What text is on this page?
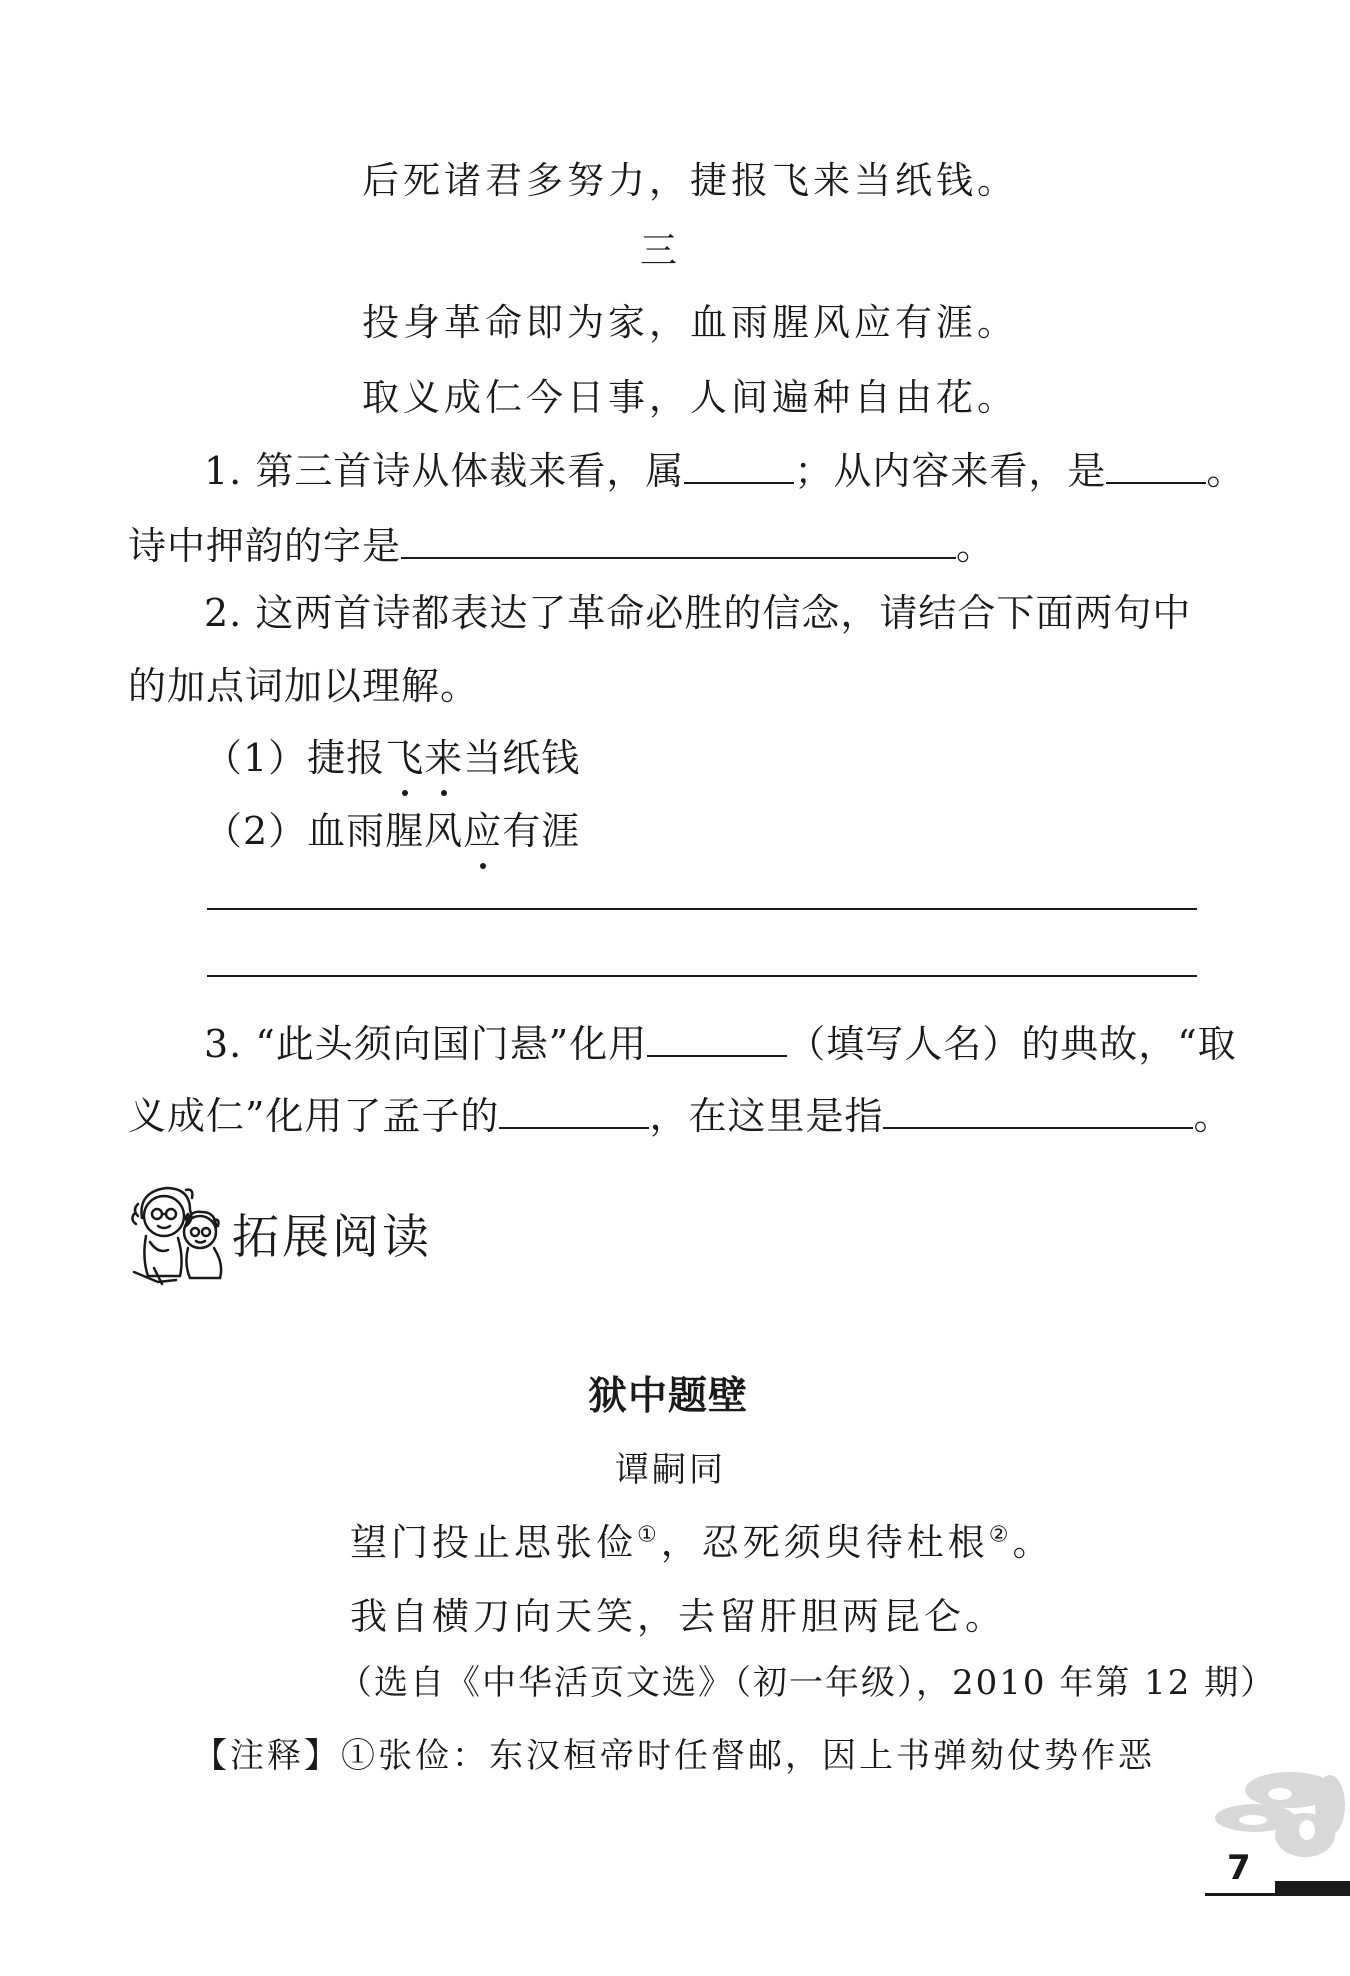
后死诸君多努力，捷报飞来当纸钱。
三
投身革命即为家，血雨腥风应有涯。
取义成仁今日事，人间遍种自由花。
1. 第三首诗从体裁来看，属	；从内容来看，是	。
诗中押韵的字是	。
2. 这两首诗都表达了革命必胜的信念，请结合下面两句中
的加点词加以理解。
（1）捷报飞来当纸钱
（2）血雨腥风应有涯
3. “此头须向国门悬”化用	（填写人名）的典故，“取
义成仁”化用了孟子的	，在这里是指	。
拓展阅读
狱中题壁
谭嗣同
望门投止思张俭①，忍死须臾待杜根②。
我自横刀向天笑，去留肝胆两昆仑。
（选自《中华活页文选》（初一年级），2010 年第 12 期）
【注释】①张俭：东汉桓帝时任督邮，因上书弹劾仗势作恶
7
